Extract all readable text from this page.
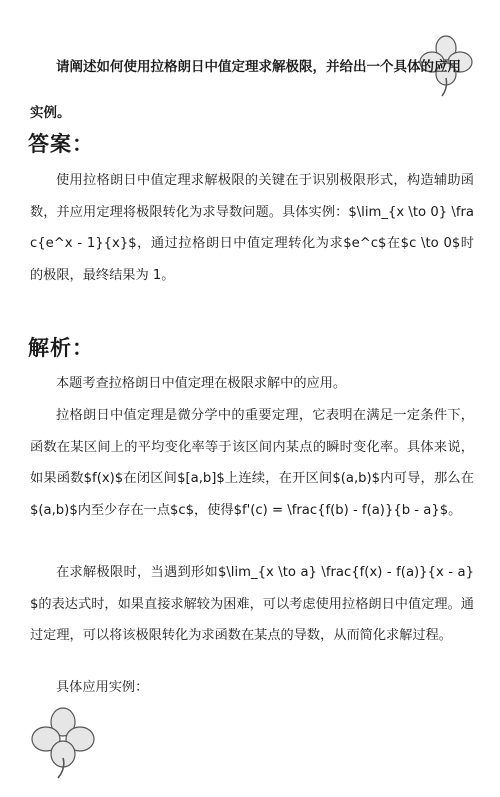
请阐述如何使用拉格朗日中值定理求解极限，并给出一个具体的应用实例。

答案：

使用拉格朗日中值定理求解极限的关键在于识别极限形式，构造辅助函数，并应用定理将极限转化为求导数问题。具体实例：$\lim_{x \to 0} \frac{e^x - 1}{x}$，通过拉格朗日中值定理转化为求$e^c$在$c \to 0$时的极限，最终结果为 1。

解析：

本题考查拉格朗日中值定理在极限求解中的应用。

拉格朗日中值定理是微分学中的重要定理，它表明在满足一定条件下，函数在某区间上的平均变化率等于该区间内某点的瞬时变化率。具体来说，如果函数$f(x)$在闭区间$[a,b]$上连续，在开区间$(a,b)$内可导，那么在$(a,b)$内至少存在一点$c$，使得$f'(c) = \frac{f(b) - f(a)}{b - a}$。

在求解极限时，当遇到形如$\lim_{x \to a} \frac{f(x) - f(a)}{x - a}$的表达式时，如果直接求解较为困难，可以考虑使用拉格朗日中值定理。通过定理，可以将该极限转化为求函数在某点的导数，从而简化求解过程。

具体应用实例：
